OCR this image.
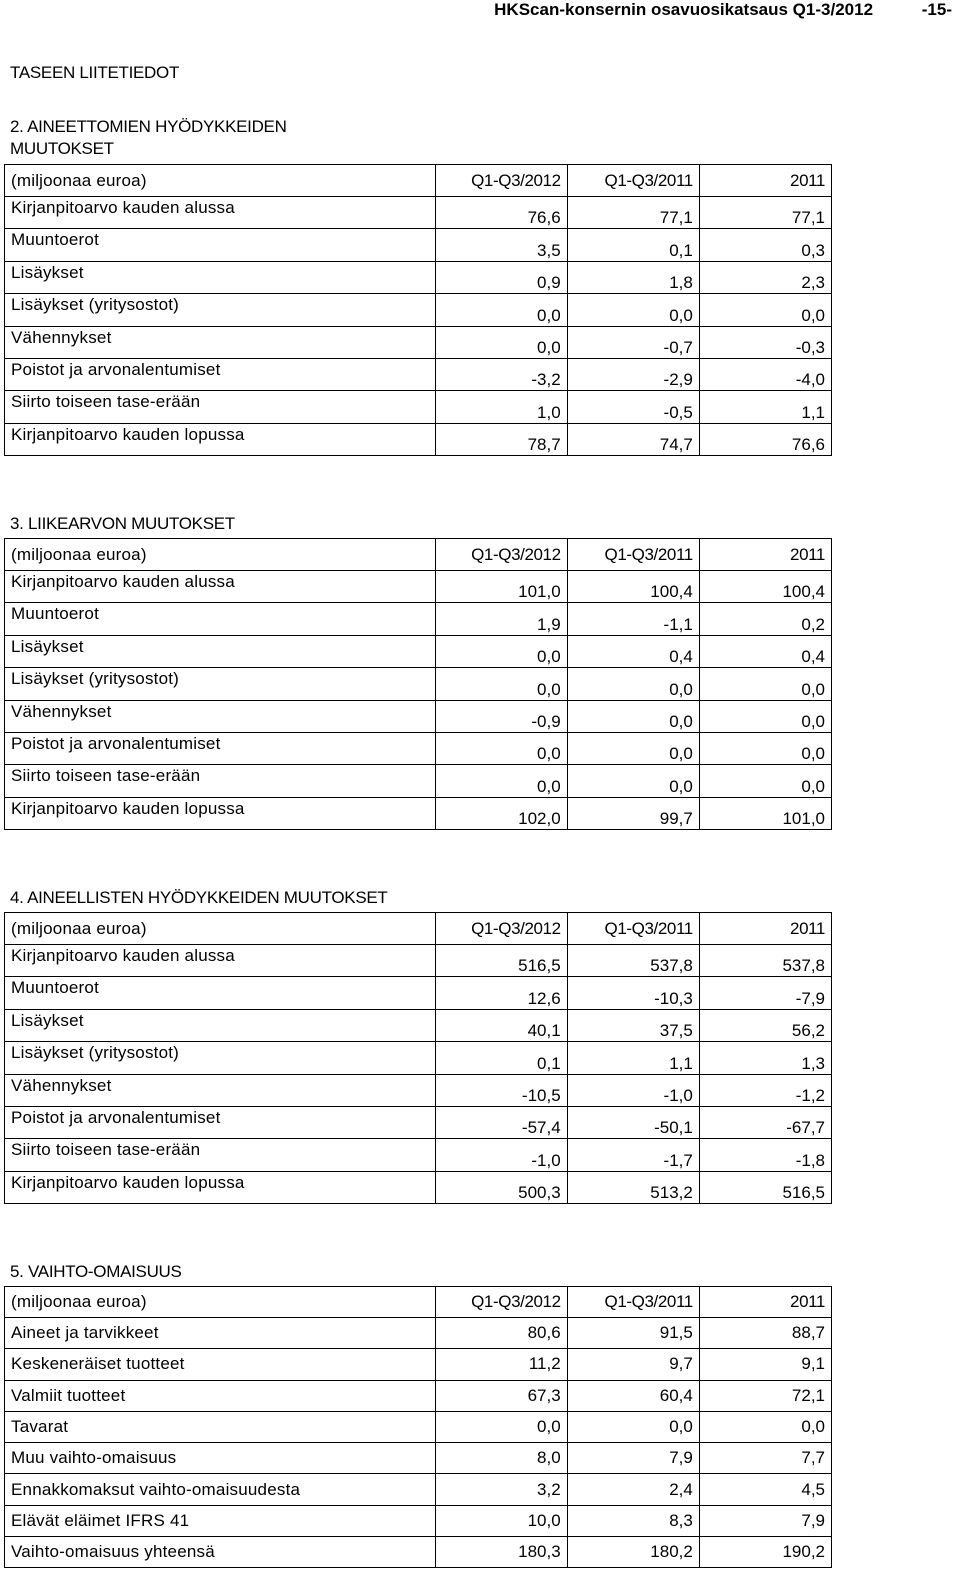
HKScan-konsernin osavuosikatsaus Q1-3/2012	-15-
TASEEN LIITETIEDOT
2. AINEETTOMIEN HYÖDYKKEIDEN
MUUTOKSET
(miljoonaa euroa)	Q1-Q3/2012	Q1-Q3/2011	2011
Kirjanpitoarvo kauden alussa	76,6	77,1	77,1
Muuntoerot	3,5	0,1	0,3
Lisäykset	0,9	1,8	2,3
Lisäykset (yritysostot)	0,0	0,0	0,0
Vähennykset	0,0	-0,7	-0,3
Poistot ja arvonalentumiset	-3,2	-2,9	-4,0
Siirto toiseen tase-erään	1,0	-0,5	1,1
Kirjanpitoarvo kauden lopussa	78,7	74,7	76,6
3. LIIKEARVON MUUTOKSET
(miljoonaa euroa)	Q1-Q3/2012	Q1-Q3/2011	2011
Kirjanpitoarvo kauden alussa	101,0	100,4	100,4
Muuntoerot	1,9	-1,1	0,2
Lisäykset	0,0	0,4	0,4
Lisäykset (yritysostot)	0,0	0,0	0,0
Vähennykset	-0,9	0,0	0,0
Poistot ja arvonalentumiset	0,0	0,0	0,0
Siirto toiseen tase-erään	0,0	0,0	0,0
Kirjanpitoarvo kauden lopussa	102,0	99,7	101,0
4. AINEELLISTEN HYÖDYKKEIDEN MUUTOKSET
(miljoonaa euroa)	Q1-Q3/2012	Q1-Q3/2011	2011
Kirjanpitoarvo kauden alussa	516,5	537,8	537,8
Muuntoerot	12,6	-10,3	-7,9
Lisäykset	40,1	37,5	56,2
Lisäykset (yritysostot)	0,1	1,1	1,3
Vähennykset	-10,5	-1,0	-1,2
Poistot ja arvonalentumiset	-57,4	-50,1	-67,7
Siirto toiseen tase-erään	-1,0	-1,7	-1,8
Kirjanpitoarvo kauden lopussa	500,3	513,2	516,5
5. VAIHTO-OMAISUUS
(miljoonaa euroa)	Q1-Q3/2012	Q1-Q3/2011	2011
Aineet ja tarvikkeet	80,6	91,5	88,7
Keskeneräiset tuotteet	11,2	9,7	9,1
Valmiit tuotteet	67,3	60,4	72,1
Tavarat	0,0	0,0	0,0
Muu vaihto-omaisuus	8,0	7,9	7,7
Ennakkomaksut vaihto-omaisuudesta	3,2	2,4	4,5
Elävät eläimet IFRS 41	10,0	8,3	7,9
Vaihto-omaisuus yhteensä	180,3	180,2	190,2
